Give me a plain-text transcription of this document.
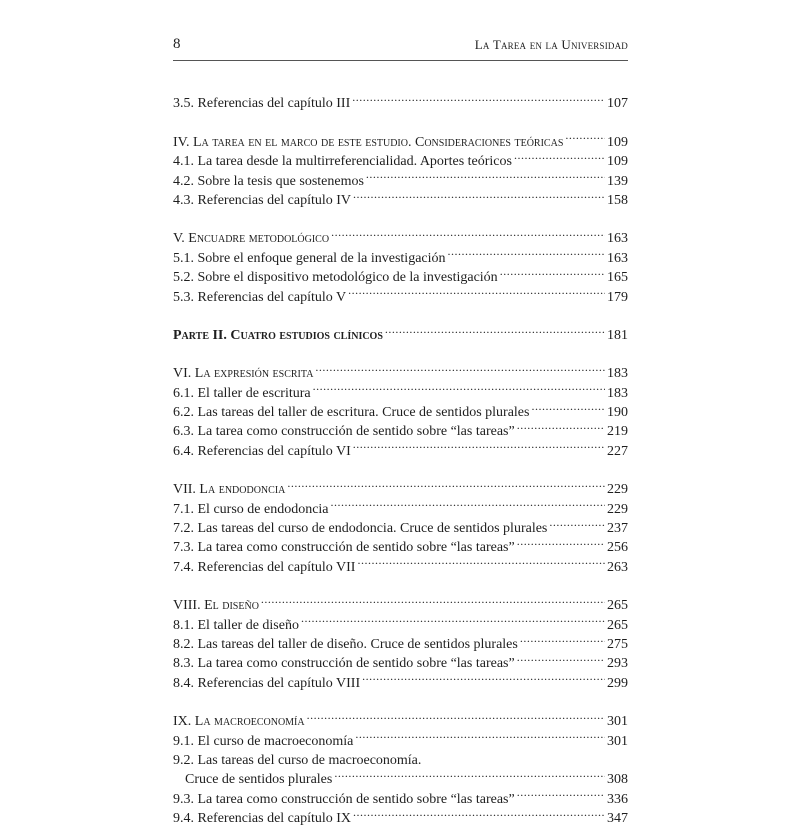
8	La Tarea en la Universidad
3.5. Referencias del capítulo III .....	107
IV. La tarea en el marco de este estudio. Consideraciones teóricas .....	109
4.1. La tarea desde la multirreferencialidad. Aportes teóricos .....	109
4.2. Sobre la tesis que sostenemos .....	139
4.3. Referencias del capítulo IV .....	158
V. Encuadre metodológico .....	163
5.1. Sobre el enfoque general de la investigación .....	163
5.2. Sobre el dispositivo metodológico de la investigación .....	165
5.3. Referencias del capítulo V .....	179
Parte II. Cuatro estudios clínicos .....	181
VI. La expresión escrita .....	183
6.1. El taller de escritura .....	183
6.2. Las tareas del taller de escritura. Cruce de sentidos plurales .....	190
6.3. La tarea como construcción de sentido sobre “las tareas” .....	219
6.4. Referencias del capítulo VI .....	227
VII. La endodoncia .....	229
7.1. El curso de endodoncia .....	229
7.2. Las tareas del curso de endodoncia. Cruce de sentidos plurales .....	237
7.3. La tarea como construcción de sentido sobre “las tareas” .....	256
7.4. Referencias del capítulo VII .....	263
VIII. El diseño .....	265
8.1. El taller de diseño .....	265
8.2. Las tareas del taller de diseño. Cruce de sentidos plurales .....	275
8.3. La tarea como construcción de sentido sobre “las tareas” .....	293
8.4. Referencias del capítulo VIII .....	299
IX. La macroeconomía .....	301
9.1. El curso de macroeconomía .....	301
9.2. Las tareas del curso de macroeconomía.
Cruce de sentidos plurales .....	308
9.3. La tarea como construcción de sentido sobre “las tareas” .....	336
9.4. Referencias del capítulo IX .....	347
